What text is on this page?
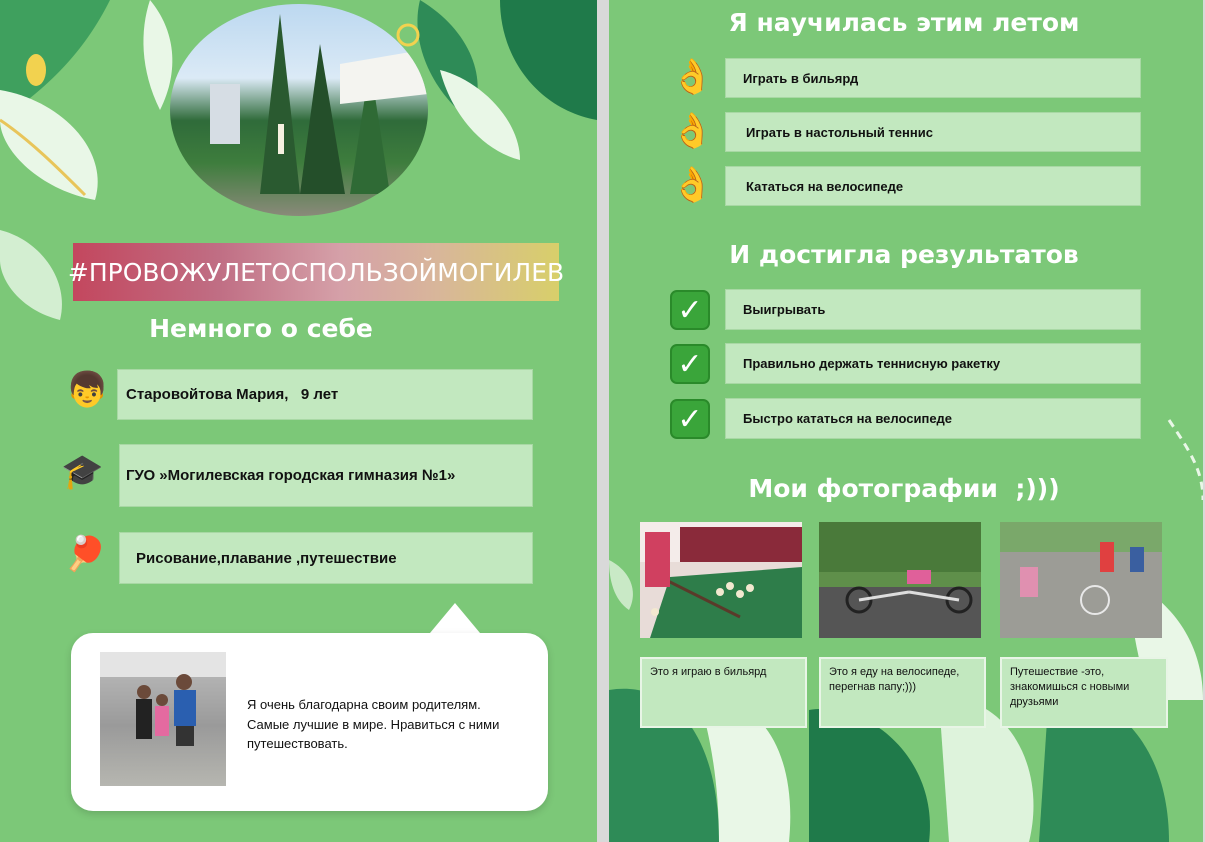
#ПРОВОЖУЛЕТОСПОЛЬЗОЙМОГИЛЕВ
Немного о себе
👦 Старовойтова Мария,   9 лет
🎓 ГУО »Могилевская городская гимназия №1»
🏓 Рисование,плавание ,путешествие
Я очень благодарна своим родителям. Самые лучшие в мире. Нравиться с ними путешествовать.
Я научилась этим летом
👌 Играть в бильярд
👌	Играть в настольный теннис
👌	Кататься на велосипеде
И достигла результатов
✓	Выигрывать
✓	Правильно держать теннисную ракетку
✓	Быстро кататься на велосипеде
Мои фотографии  ;)))
Это я играю в бильярд	Это я еду на велосипеде, перегнав папу;)))
Путешествие -это, знакомишься с новыми друзьями
